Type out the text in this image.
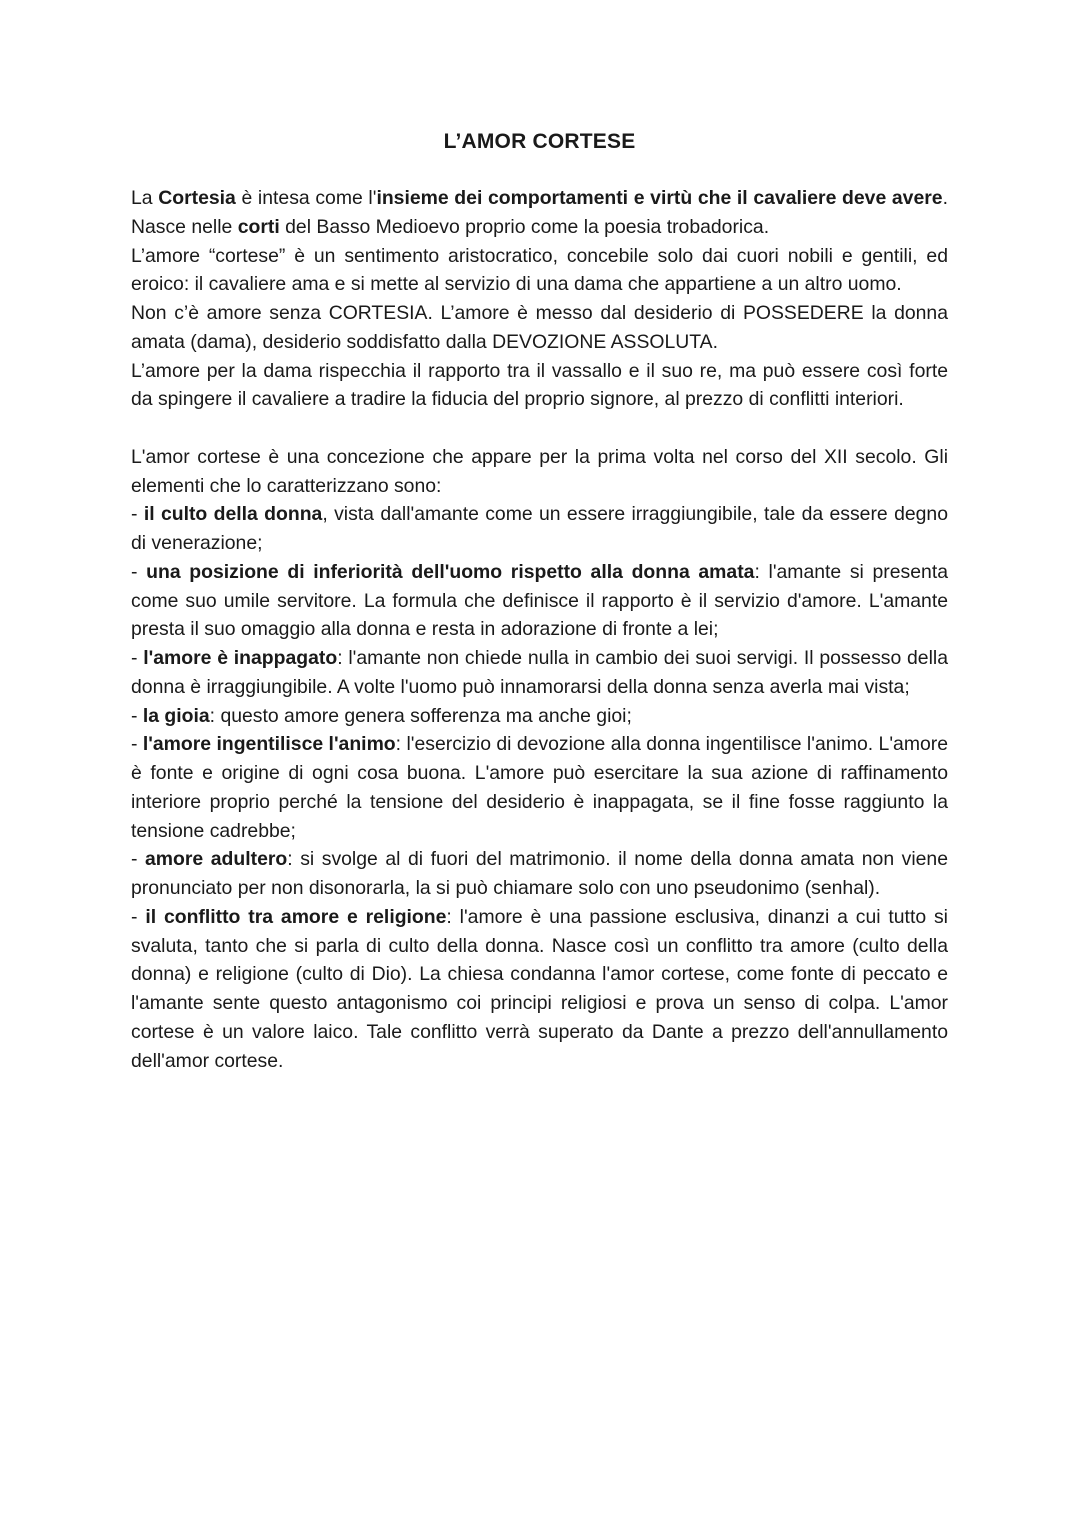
L’AMOR CORTESE

La Cortesia è intesa come l'insieme dei comportamenti e virtù che il cavaliere deve avere. Nasce nelle corti del Basso Medioevo proprio come la poesia trobadorica.

L’amore “cortese” è un sentimento aristocratico, concebile solo dai cuori nobili e gentili, ed eroico: il cavaliere ama e si mette al servizio di una dama che appartiene a un altro uomo.

Non c’è amore senza CORTESIA. L’amore è messo dal desiderio di POSSEDERE la donna amata (dama), desiderio soddisfatto dalla DEVOZIONE ASSOLUTA.

L’amore per la dama rispecchia il rapporto tra il vassallo e il suo re, ma può essere così forte da spingere il cavaliere a tradire la fiducia del proprio signore, al prezzo di conflitti interiori.

L'amor cortese è una concezione che appare per la prima volta nel corso del XII secolo. Gli elementi che lo caratterizzano sono:

- il culto della donna, vista dall'amante come un essere irraggiungibile, tale da essere degno di venerazione;

- una posizione di inferiorità dell'uomo rispetto alla donna amata: l'amante si presenta come suo umile servitore. La formula che definisce il rapporto è il servizio d'amore. L'amante presta il suo omaggio alla donna e resta in adorazione di fronte a lei;

- l'amore è inappagato: l'amante non chiede nulla in cambio dei suoi servigi. Il possesso della donna è irraggiungibile. A volte l'uomo può innamorarsi della donna senza averla mai vista;

- la gioia: questo amore genera sofferenza ma anche gioi;

- l'amore ingentilisce l'animo: l'esercizio di devozione alla donna ingentilisce l'animo. L'amore è fonte e origine di ogni cosa buona. L'amore può esercitare la sua azione di raffinamento interiore proprio perché la tensione del desiderio è inappagata, se il fine fosse raggiunto la tensione cadrebbe;

- amore adultero: si svolge al di fuori del matrimonio. il nome della donna amata non viene pronunciato per non disonorarla, la si può chiamare solo con uno pseudonimo (senhal).

- il conflitto tra amore e religione: l'amore è una passione esclusiva, dinanzi a cui tutto si svaluta, tanto che si parla di culto della donna. Nasce così un conflitto tra amore (culto della donna) e religione (culto di Dio). La chiesa condanna l'amor cortese, come fonte di peccato e l'amante sente questo antagonismo coi principi religiosi e prova un senso di colpa. L'amor cortese è un valore laico. Tale conflitto verrà superato da Dante a prezzo dell'annullamento dell'amor cortese.
